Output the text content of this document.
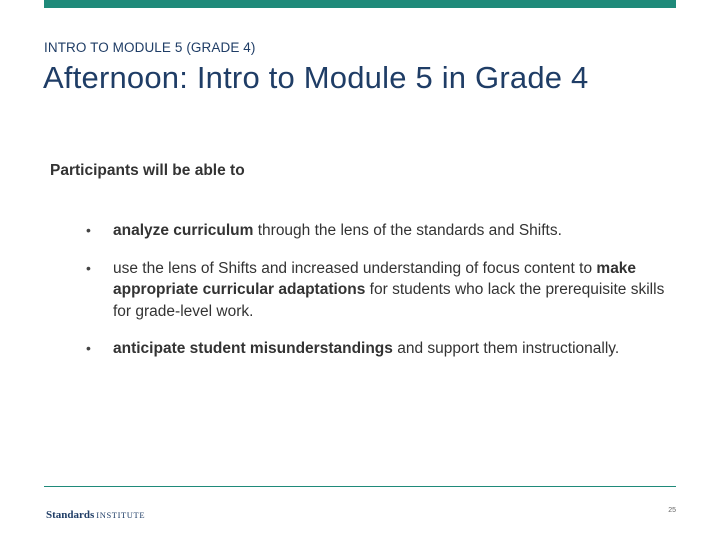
INTRO TO MODULE 5 (GRADE 4)
Afternoon: Intro to Module 5 in Grade 4
Participants will be able to
• analyze curriculum through the lens of the standards and Shifts.
• use the lens of Shifts and increased understanding of focus content to make appropriate curricular adaptations for students who lack the prerequisite skills for grade-level work.
• anticipate student misunderstandings and support them instructionally.
Standards INSTITUTE	25
